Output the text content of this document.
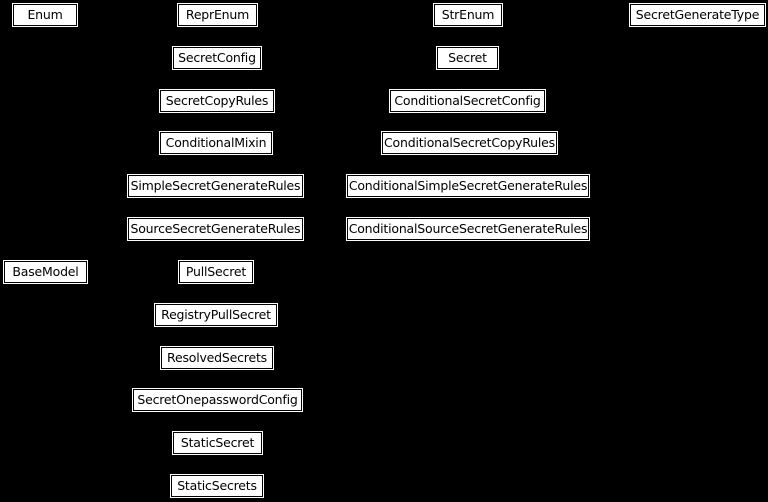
Enum	ReprEnum	StrEnum	SecretGenerateType
SecretConfig	Secret
SecretCopyRules	ConditionalSecretConfig
ConditionalMixin	ConditionalSecretCopyRules
SimpleSecretGenerateRules	ConditionalSimpleSecretGenerateRules
SourceSecretGenerateRules	ConditionalSourceSecretGenerateRules
BaseModel	PullSecret
RegistryPullSecret
ResolvedSecrets
SecretOnepasswordConfig
StaticSecret
StaticSecrets
